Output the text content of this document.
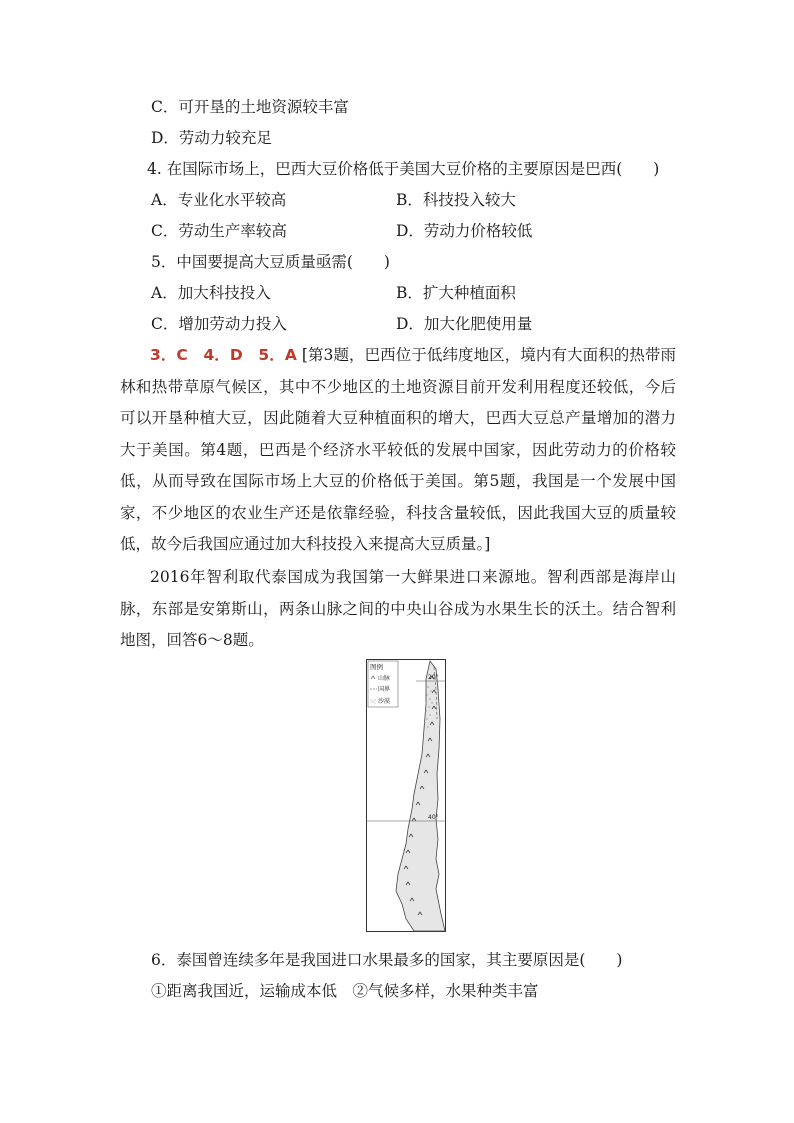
C．可开垦的土地资源较丰富
D．劳动力较充足
4. 在国际市场上，巴西大豆价格低于美国大豆价格的主要原因是巴西(　　)
A．专业化水平较高	B．科技投入较大
C．劳动生产率较高	D．劳动力价格较低
5．中国要提高大豆质量亟需(　　)
A．加大科技投入	B．扩大种植面积
C．增加劳动力投入	D．加大化肥使用量
3．C　4．D　5．A [第3题，巴西位于低纬度地区，境内有大面积的热带雨林和热带草原气候区，其中不少地区的土地资源目前开发利用程度还较低，今后可以开垦种植大豆，因此随着大豆种植面积的增大，巴西大豆总产量增加的潜力大于美国。第4题，巴西是个经济水平较低的发展中国家，因此劳动力的价格较低，从而导致在国际市场上大豆的价格低于美国。第5题，我国是一个发展中国家，不少地区的农业生产还是依靠经验，科技含量较低，因此我国大豆的质量较低，故今后我国应通过加大科技投入来提高大豆质量。]
2016年智利取代泰国成为我国第一大鲜果进口来源地。智利西部是海岸山脉，东部是安第斯山，两条山脉之间的中央山谷成为水果生长的沃土。结合智利地图，回答6～8题。
20°
40°
图例
山脉
国界
沙漠
6．泰国曾连续多年是我国进口水果最多的国家，其主要原因是(　　)
①距离我国近，运输成本低　②气候多样，水果种类丰富
